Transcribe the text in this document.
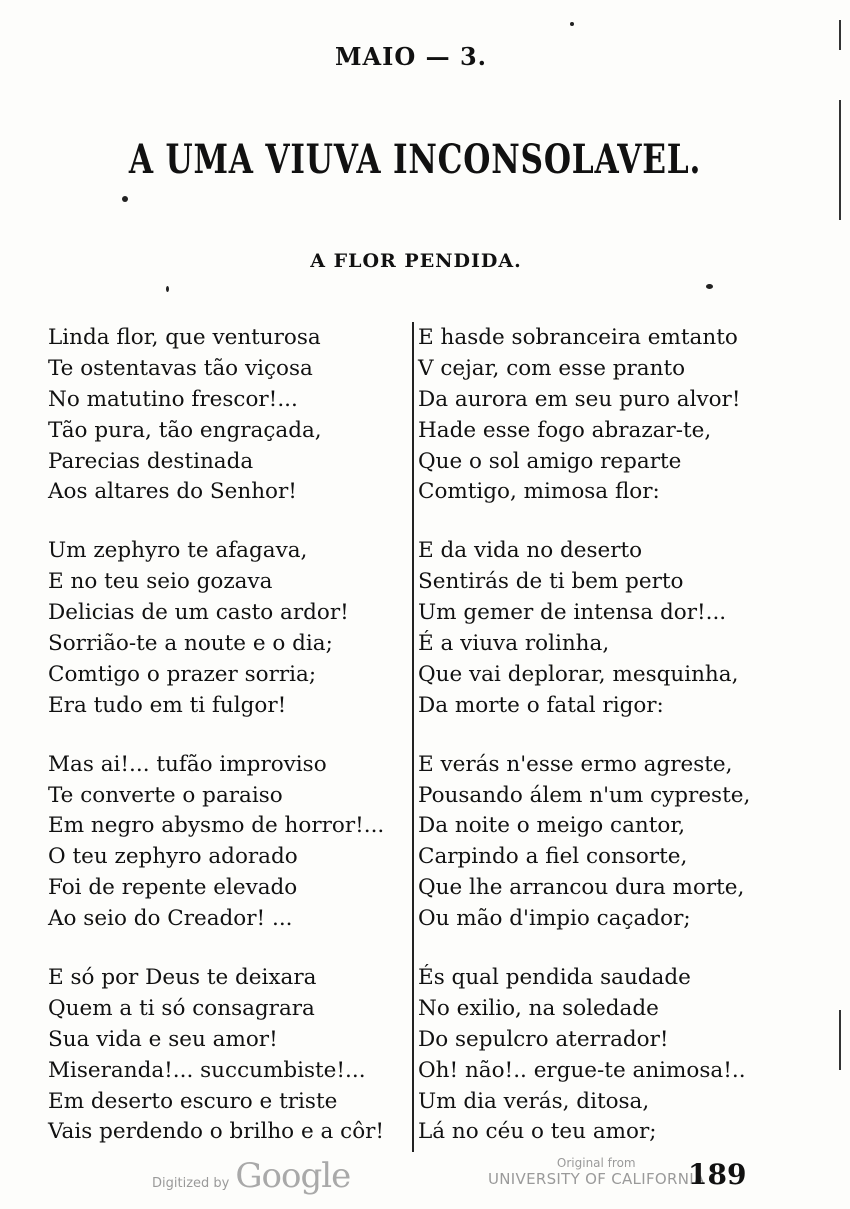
MAIO — 3.
A UMA VIUVA INCONSOLAVEL.
A FLOR PENDIDA.
Linda flor, que venturosa
Te ostentavas tão viçosa
No matutino frescor!...
Tão pura, tão engraçada,
Parecias destinada
Aos altares do Senhor!
Um zephyro te afagava,
E no teu seio gozava
Delicias de um casto ardor!
Sorrião-te a noute e o dia;
Comtigo o prazer sorria;
Era tudo em ti fulgor!
Mas ai!... tufão improviso
Te converte o paraiso
Em negro abysmo de horror!...
O teu zephyro adorado
Foi de repente elevado
Ao seio do Creador! ...
E só por Deus te deixara
Quem a ti só consagrara
Sua vida e seu amor!
Miseranda!... succumbiste!...
Em deserto escuro e triste
Vais perdendo o brilho e a côr!
E hasde sobranceira emtanto
V cejar, com esse pranto
Da aurora em seu puro alvor!
Hade esse fogo abrazar-te,
Que o sol amigo reparte
Comtigo, mimosa flor:
E da vida no deserto
Sentirás de ti bem perto
Um gemer de intensa dor!...
É a viuva rolinha,
Que vai deplorar, mesquinha,
Da morte o fatal rigor:
E verás n'esse ermo agreste,
Pousando álem n'um cypreste,
Da noite o meigo cantor,
Carpindo a fiel consorte,
Que lhe arrancou dura morte,
Ou mão d'impio caçador;
És qual pendida saudade
No exilio, na soledade
Do sepulcro aterrador!
Oh! não!.. ergue-te animosa!..
Um dia verás, ditosa,
Lá no céu o teu amor;
Digitized by Google	Original from
UNIVERSITY OF CALIFORNIA
189
